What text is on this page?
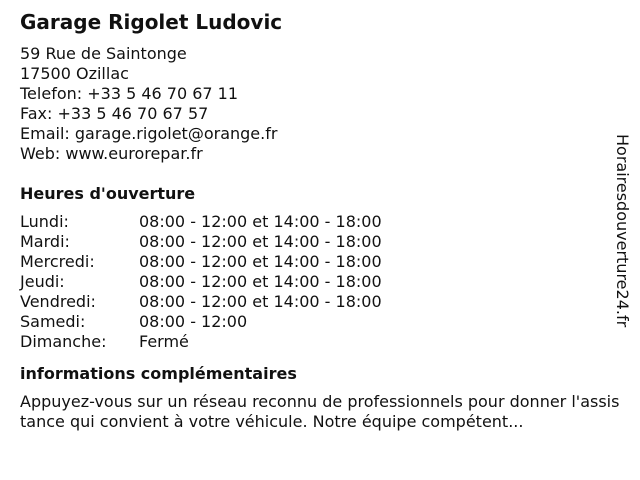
Garage Rigolet Ludovic
59 Rue de Saintonge
17500 Ozillac
Telefon: +33 5 46 70 67 11
Fax: +33 5 46 70 67 57
Email: garage.rigolet@orange.fr
Web: www.eurorepar.fr
Heures d'ouverture
Lundi:	08:00 - 12:00 et 14:00 - 18:00
Mardi:	08:00 - 12:00 et 14:00 - 18:00
Mercredi:	08:00 - 12:00 et 14:00 - 18:00
Jeudi:	08:00 - 12:00 et 14:00 - 18:00
Vendredi:	08:00 - 12:00 et 14:00 - 18:00
Samedi:	08:00 - 12:00
Dimanche:	Fermé
informations complémentaires
Appuyez-vous sur un réseau reconnu de professionnels pour donner l'assistance qui convient à votre véhicule. Notre équipe compétent...
Horairesdouverture24.fr
